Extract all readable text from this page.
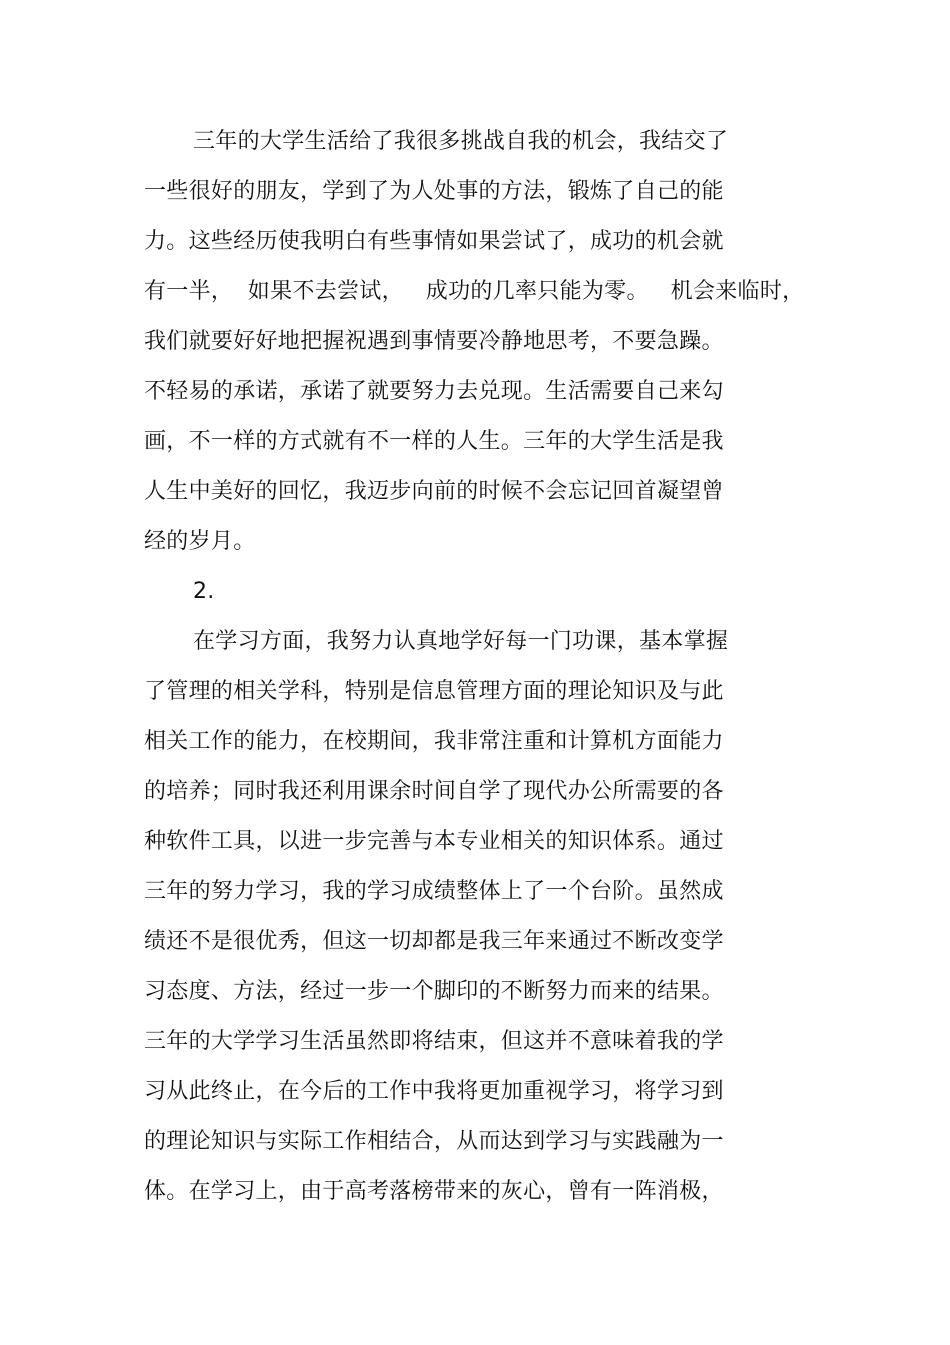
三年的大学生活给了我很多挑战自我的机会，我结交了
一些很好的朋友，学到了为人处事的方法，锻炼了自己的能
力。这些经历使我明白有些事情如果尝试了，成功的机会就
有一半，  如果不去尝试，   成功的几率只能为零。   机会来临时，
我们就要好好地把握祝遇到事情要冷静地思考，不要急躁。
不轻易的承诺，承诺了就要努力去兑现。生活需要自己来勾
画，不一样的方式就有不一样的人生。三年的大学生活是我
人生中美好的回忆，我迈步向前的时候不会忘记回首凝望曾
经的岁月。
2.
在学习方面，我努力认真地学好每一门功课，基本掌握
了管理的相关学科，特别是信息管理方面的理论知识及与此
相关工作的能力，在校期间，我非常注重和计算机方面能力
的培养；同时我还利用课余时间自学了现代办公所需要的各
种软件工具，以进一步完善与本专业相关的知识体系。通过
三年的努力学习，我的学习成绩整体上了一个台阶。虽然成
绩还不是很优秀，但这一切却都是我三年来通过不断改变学
习态度、方法，经过一步一个脚印的不断努力而来的结果。
三年的大学学习生活虽然即将结束，但这并不意味着我的学
习从此终止，在今后的工作中我将更加重视学习，将学习到
的理论知识与实际工作相结合，从而达到学习与实践融为一
体。在学习上，由于高考落榜带来的灰心，曾有一阵消极，
